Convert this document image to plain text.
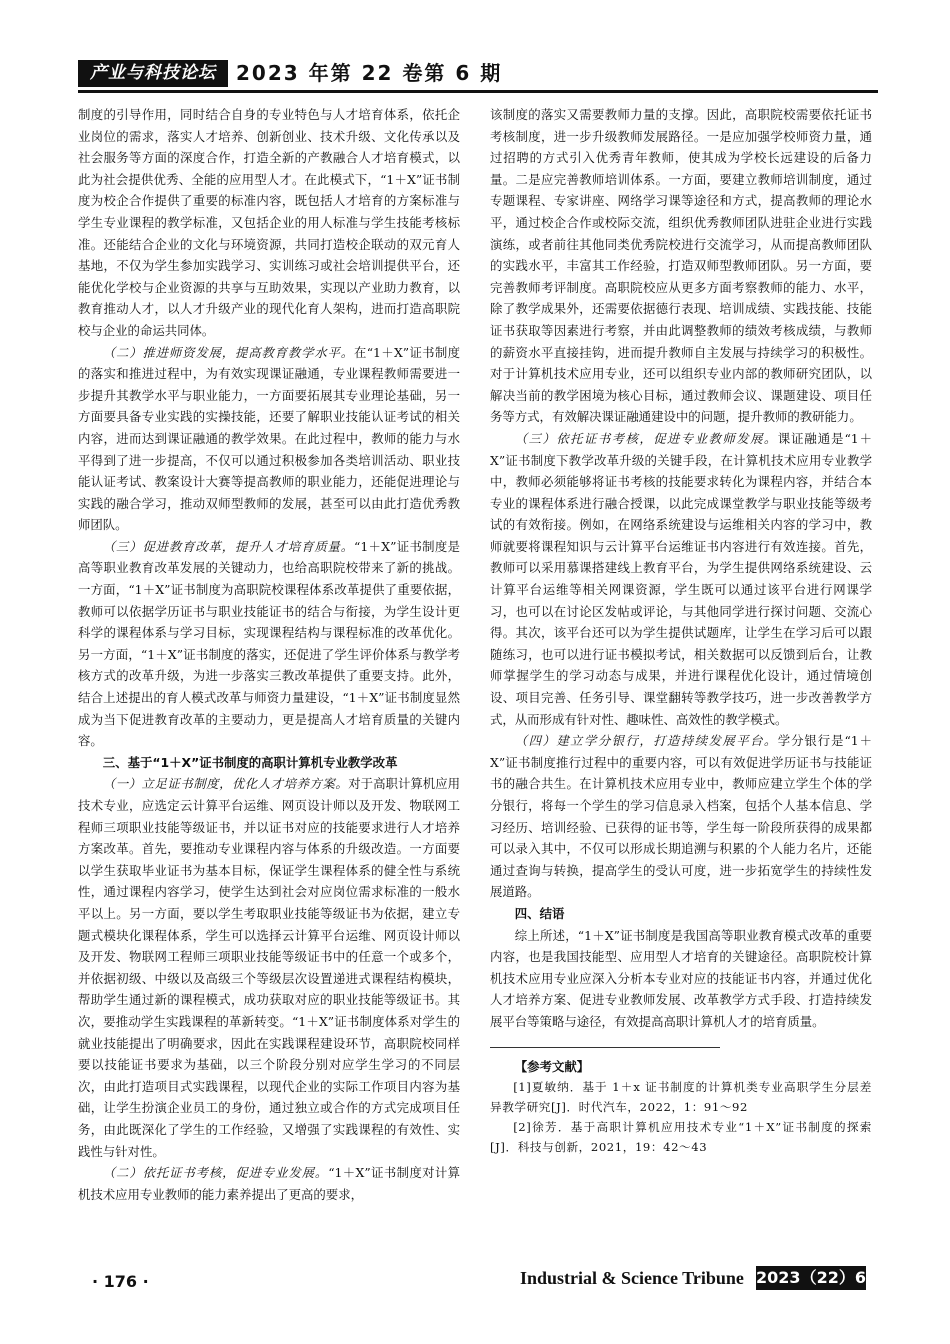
产业与科技论坛	2023 年第 22 卷第 6 期

制度的引导作用，同时结合自身的专业特色与人才培育体系，依托企业岗位的需求，落实人才培养、创新创业、技术升级、文化传承以及社会服务等方面的深度合作，打造全新的产教融合人才培育模式，以此为社会提供优秀、全能的应用型人才。在此模式下，“1＋X”证书制度为校企合作提供了重要的标准内容，既包括人才培育的方案标准与学生专业课程的教学标准，又包括企业的用人标准与学生技能考核标准。还能结合企业的文化与环境资源，共同打造校企联动的双元育人基地，不仅为学生参加实践学习、实训练习或社会培训提供平台，还能优化学校与企业资源的共享与互助效果，实现以产业助力教育，以教育推动人才，以人才升级产业的现代化育人架构，进而打造高职院校与企业的命运共同体。

（二）推进师资发展，提高教育教学水平。在“1＋X”证书制度的落实和推进过程中，为有效实现课证融通，专业课程教师需要进一步提升其教学水平与职业能力，一方面要拓展其专业理论基础，另一方面要具备专业实践的实操技能，还要了解职业技能认证考试的相关内容，进而达到课证融通的教学效果。在此过程中，教师的能力与水平得到了进一步提高，不仅可以通过积极参加各类培训活动、职业技能认证考试、教案设计大赛等提高教师的职业能力，还能促进理论与实践的融合学习，推动双师型教师的发展，甚至可以由此打造优秀教师团队。

（三）促进教育改革，提升人才培育质量。“1＋X”证书制度是高等职业教育改革发展的关键动力，也给高职院校带来了新的挑战。一方面，“1＋X”证书制度为高职院校课程体系改革提供了重要依据，教师可以依据学历证书与职业技能证书的结合与衔接，为学生设计更科学的课程体系与学习目标，实现课程结构与课程标准的改革优化。另一方面，“1＋X”证书制度的落实，还促进了学生评价体系与教学考核方式的改革升级，为进一步落实三教改革提供了重要支持。此外，结合上述提出的育人模式改革与师资力量建设，“1＋X”证书制度显然成为当下促进教育改革的主要动力，更是提高人才培育质量的关键内容。

三、基于“1＋X”证书制度的高职计算机专业教学改革

（一）立足证书制度，优化人才培养方案。对于高职计算机应用技术专业，应选定云计算平台运维、网页设计师以及开发、物联网工程师三项职业技能等级证书，并以证书对应的技能要求进行人才培养方案改革。首先，要推动专业课程内容与体系的升级改造。一方面要以学生获取毕业证书为基本目标，保证学生课程体系的健全性与系统性，通过课程内容学习，使学生达到社会对应岗位需求标准的一般水平以上。另一方面，要以学生考取职业技能等级证书为依据，建立专题式模块化课程体系，学生可以选择云计算平台运维、网页设计师以及开发、物联网工程师三项职业技能等级证书中的任意一个或多个，并依据初级、中级以及高级三个等级层次设置递进式课程结构模块，帮助学生通过新的课程模式，成功获取对应的职业技能等级证书。其次，要推动学生实践课程的革新转变。“1＋X”证书制度体系对学生的就业技能提出了明确要求，因此在实践课程建设环节，高职院校同样要以技能证书要求为基础，以三个阶段分别对应学生学习的不同层次，由此打造项目式实践课程，以现代企业的实际工作项目内容为基础，让学生扮演企业员工的身份，通过独立或合作的方式完成项目任务，由此既深化了学生的工作经验，又增强了实践课程的有效性、实践性与针对性。

（二）依托证书考核，促进专业发展。“1＋X”证书制度对计算机技术应用专业教师的能力素养提出了更高的要求，

该制度的落实又需要教师力量的支撑。因此，高职院校需要依托证书考核制度，进一步升级教师发展路径。一是应加强学校师资力量，通过招聘的方式引入优秀青年教师，使其成为学校长远建设的后备力量。二是应完善教师培训体系。一方面，要建立教师培训制度，通过专题课程、专家讲座、网络学习课等途径和方式，提高教师的理论水平，通过校企合作或校际交流，组织优秀教师团队进驻企业进行实践演练，或者前往其他同类优秀院校进行交流学习，从而提高教师团队的实践水平，丰富其工作经验，打造双师型教师团队。另一方面，要完善教师考评制度。高职院校应从更多方面考察教师的能力、水平，除了教学成果外，还需要依据德行表现、培训成绩、实践技能、技能证书获取等因素进行考察，并由此调整教师的绩效考核成绩，与教师的薪资水平直接挂钩，进而提升教师自主发展与持续学习的积极性。对于计算机技术应用专业，还可以组织专业内部的教师研究团队，以解决当前的教学困境为核心目标，通过教师会议、课题建设、项目任务等方式，有效解决课证融通建设中的问题，提升教师的教研能力。

（三）依托证书考核，促进专业教师发展。课证融通是“1＋X”证书制度下教学改革升级的关键手段，在计算机技术应用专业教学中，教师必须能够将证书考核的技能要求转化为课程内容，并结合本专业的课程体系进行融合授课，以此完成课堂教学与职业技能等级考试的有效衔接。例如，在网络系统建设与运维相关内容的学习中，教师就要将课程知识与云计算平台运维证书内容进行有效连接。首先，教师可以采用慕课搭建线上教育平台，为学生提供网络系统建设、云计算平台运维等相关网课资源，学生既可以通过该平台进行网课学习，也可以在讨论区发帖或评论，与其他同学进行探讨问题、交流心得。其次，该平台还可以为学生提供试题库，让学生在学习后可以跟随练习，也可以进行证书模拟考试，相关数据可以反馈到后台，让教师掌握学生的学习动态与成果，并进行课程优化设计，通过情境创设、项目完善、任务引导、课堂翻转等教学技巧，进一步改善教学方式，从而形成有针对性、趣味性、高效性的教学模式。

（四）建立学分银行，打造持续发展平台。学分银行是“1＋X”证书制度推行过程中的重要内容，可以有效促进学历证书与技能证书的融合共生。在计算机技术应用专业中，教师应建立学生个体的学分银行，将每一个学生的学习信息录入档案，包括个人基本信息、学习经历、培训经验、已获得的证书等，学生每一阶段所获得的成果都可以录入其中，不仅可以形成长期追溯与积累的个人能力名片，还能通过查询与转换，提高学生的受认可度，进一步拓宽学生的持续性发展道路。

四、结语

综上所述，“1＋X”证书制度是我国高等职业教育模式改革的重要内容，也是我国技能型、应用型人才培育的关键途径。高职院校计算机技术应用专业应深入分析本专业对应的技能证书内容，并通过优化人才培养方案、促进专业教师发展、改革教学方式手段、打造持续发展平台等策略与途径，有效提高高职计算机人才的培育质量。

【参考文献】

[1]夏敏纳．基于 1＋x 证书制度的计算机类专业高职学生分层差异教学研究[J]．时代汽车，2022，1：91～92

[2]徐芳．基于高职计算机应用技术专业“1＋X”证书制度的探索[J]．科技与创新，2021，19：42～43

· 176 ·	Industrial & Science Tribune 2023（22）6
